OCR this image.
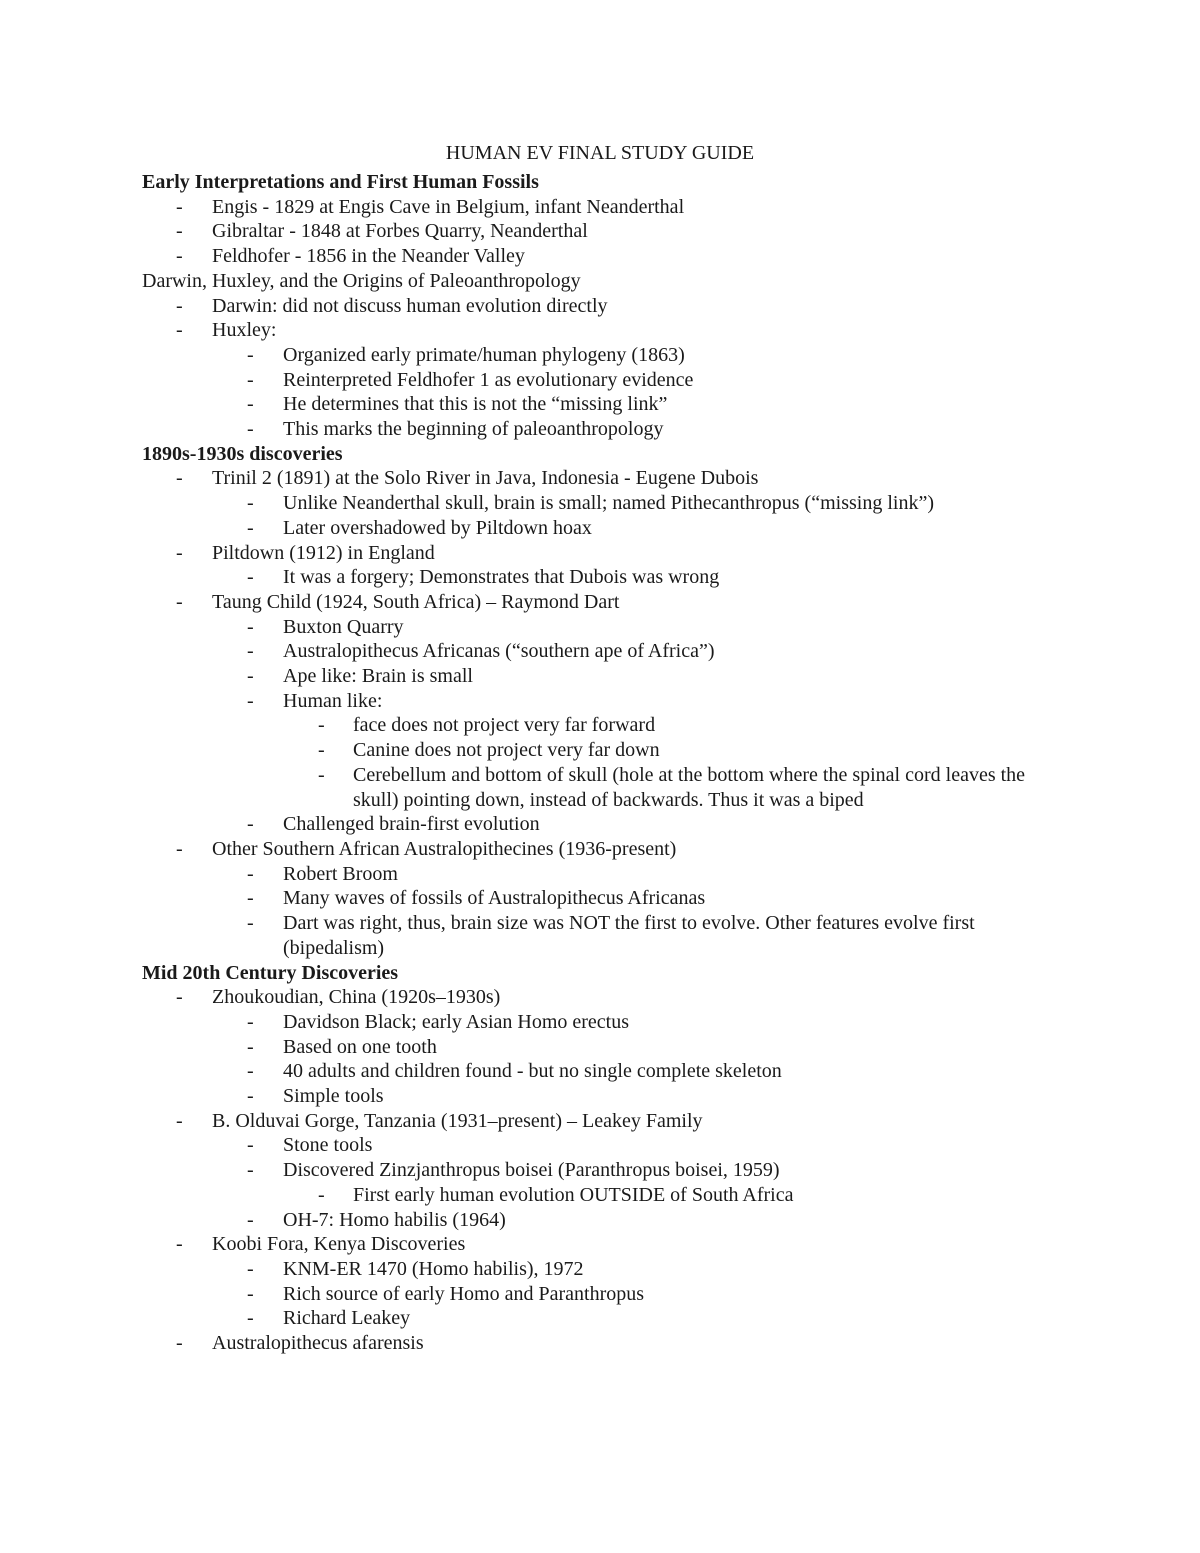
HUMAN EV FINAL STUDY GUIDE
Early Interpretations and First Human Fossils
- Engis - 1829 at Engis Cave in Belgium, infant Neanderthal
- Gibraltar - 1848 at Forbes Quarry, Neanderthal
- Feldhofer - 1856 in the Neander Valley
Darwin, Huxley, and the Origins of Paleoanthropology
- Darwin: did not discuss human evolution directly
- Huxley:
- Organized early primate/human phylogeny (1863)
- Reinterpreted Feldhofer 1 as evolutionary evidence
- He determines that this is not the “missing link”
- This marks the beginning of paleoanthropology
1890s-1930s discoveries
- Trinil 2 (1891) at the Solo River in Java, Indonesia - Eugene Dubois
- Unlike Neanderthal skull, brain is small; named Pithecanthropus (“missing link”)
- Later overshadowed by Piltdown hoax
- Piltdown (1912) in England
- It was a forgery; Demonstrates that Dubois was wrong
- Taung Child (1924, South Africa) – Raymond Dart
- Buxton Quarry
- Australopithecus Africanas (“southern ape of Africa”)
- Ape like: Brain is small
- Human like:
- face does not project very far forward
- Canine does not project very far down
- Cerebellum and bottom of skull (hole at the bottom where the spinal cord leaves the skull) pointing down, instead of backwards. Thus it was a biped
- Challenged brain-first evolution
- Other Southern African Australopithecines (1936-present)
- Robert Broom
- Many waves of fossils of Australopithecus Africanas
- Dart was right, thus, brain size was NOT the first to evolve. Other features evolve first (bipedalism)
Mid 20th Century Discoveries
- Zhoukoudian, China (1920s–1930s)
- Davidson Black; early Asian Homo erectus
- Based on one tooth
- 40 adults and children found - but no single complete skeleton
- Simple tools
- B. Olduvai Gorge, Tanzania (1931–present) – Leakey Family
- Stone tools
- Discovered Zinzjanthropus boisei (Paranthropus boisei, 1959)
- First early human evolution OUTSIDE of South Africa
- OH-7: Homo habilis (1964)
- Koobi Fora, Kenya Discoveries
- KNM-ER 1470 (Homo habilis), 1972
- Rich source of early Homo and Paranthropus
- Richard Leakey
- Australopithecus afarensis
